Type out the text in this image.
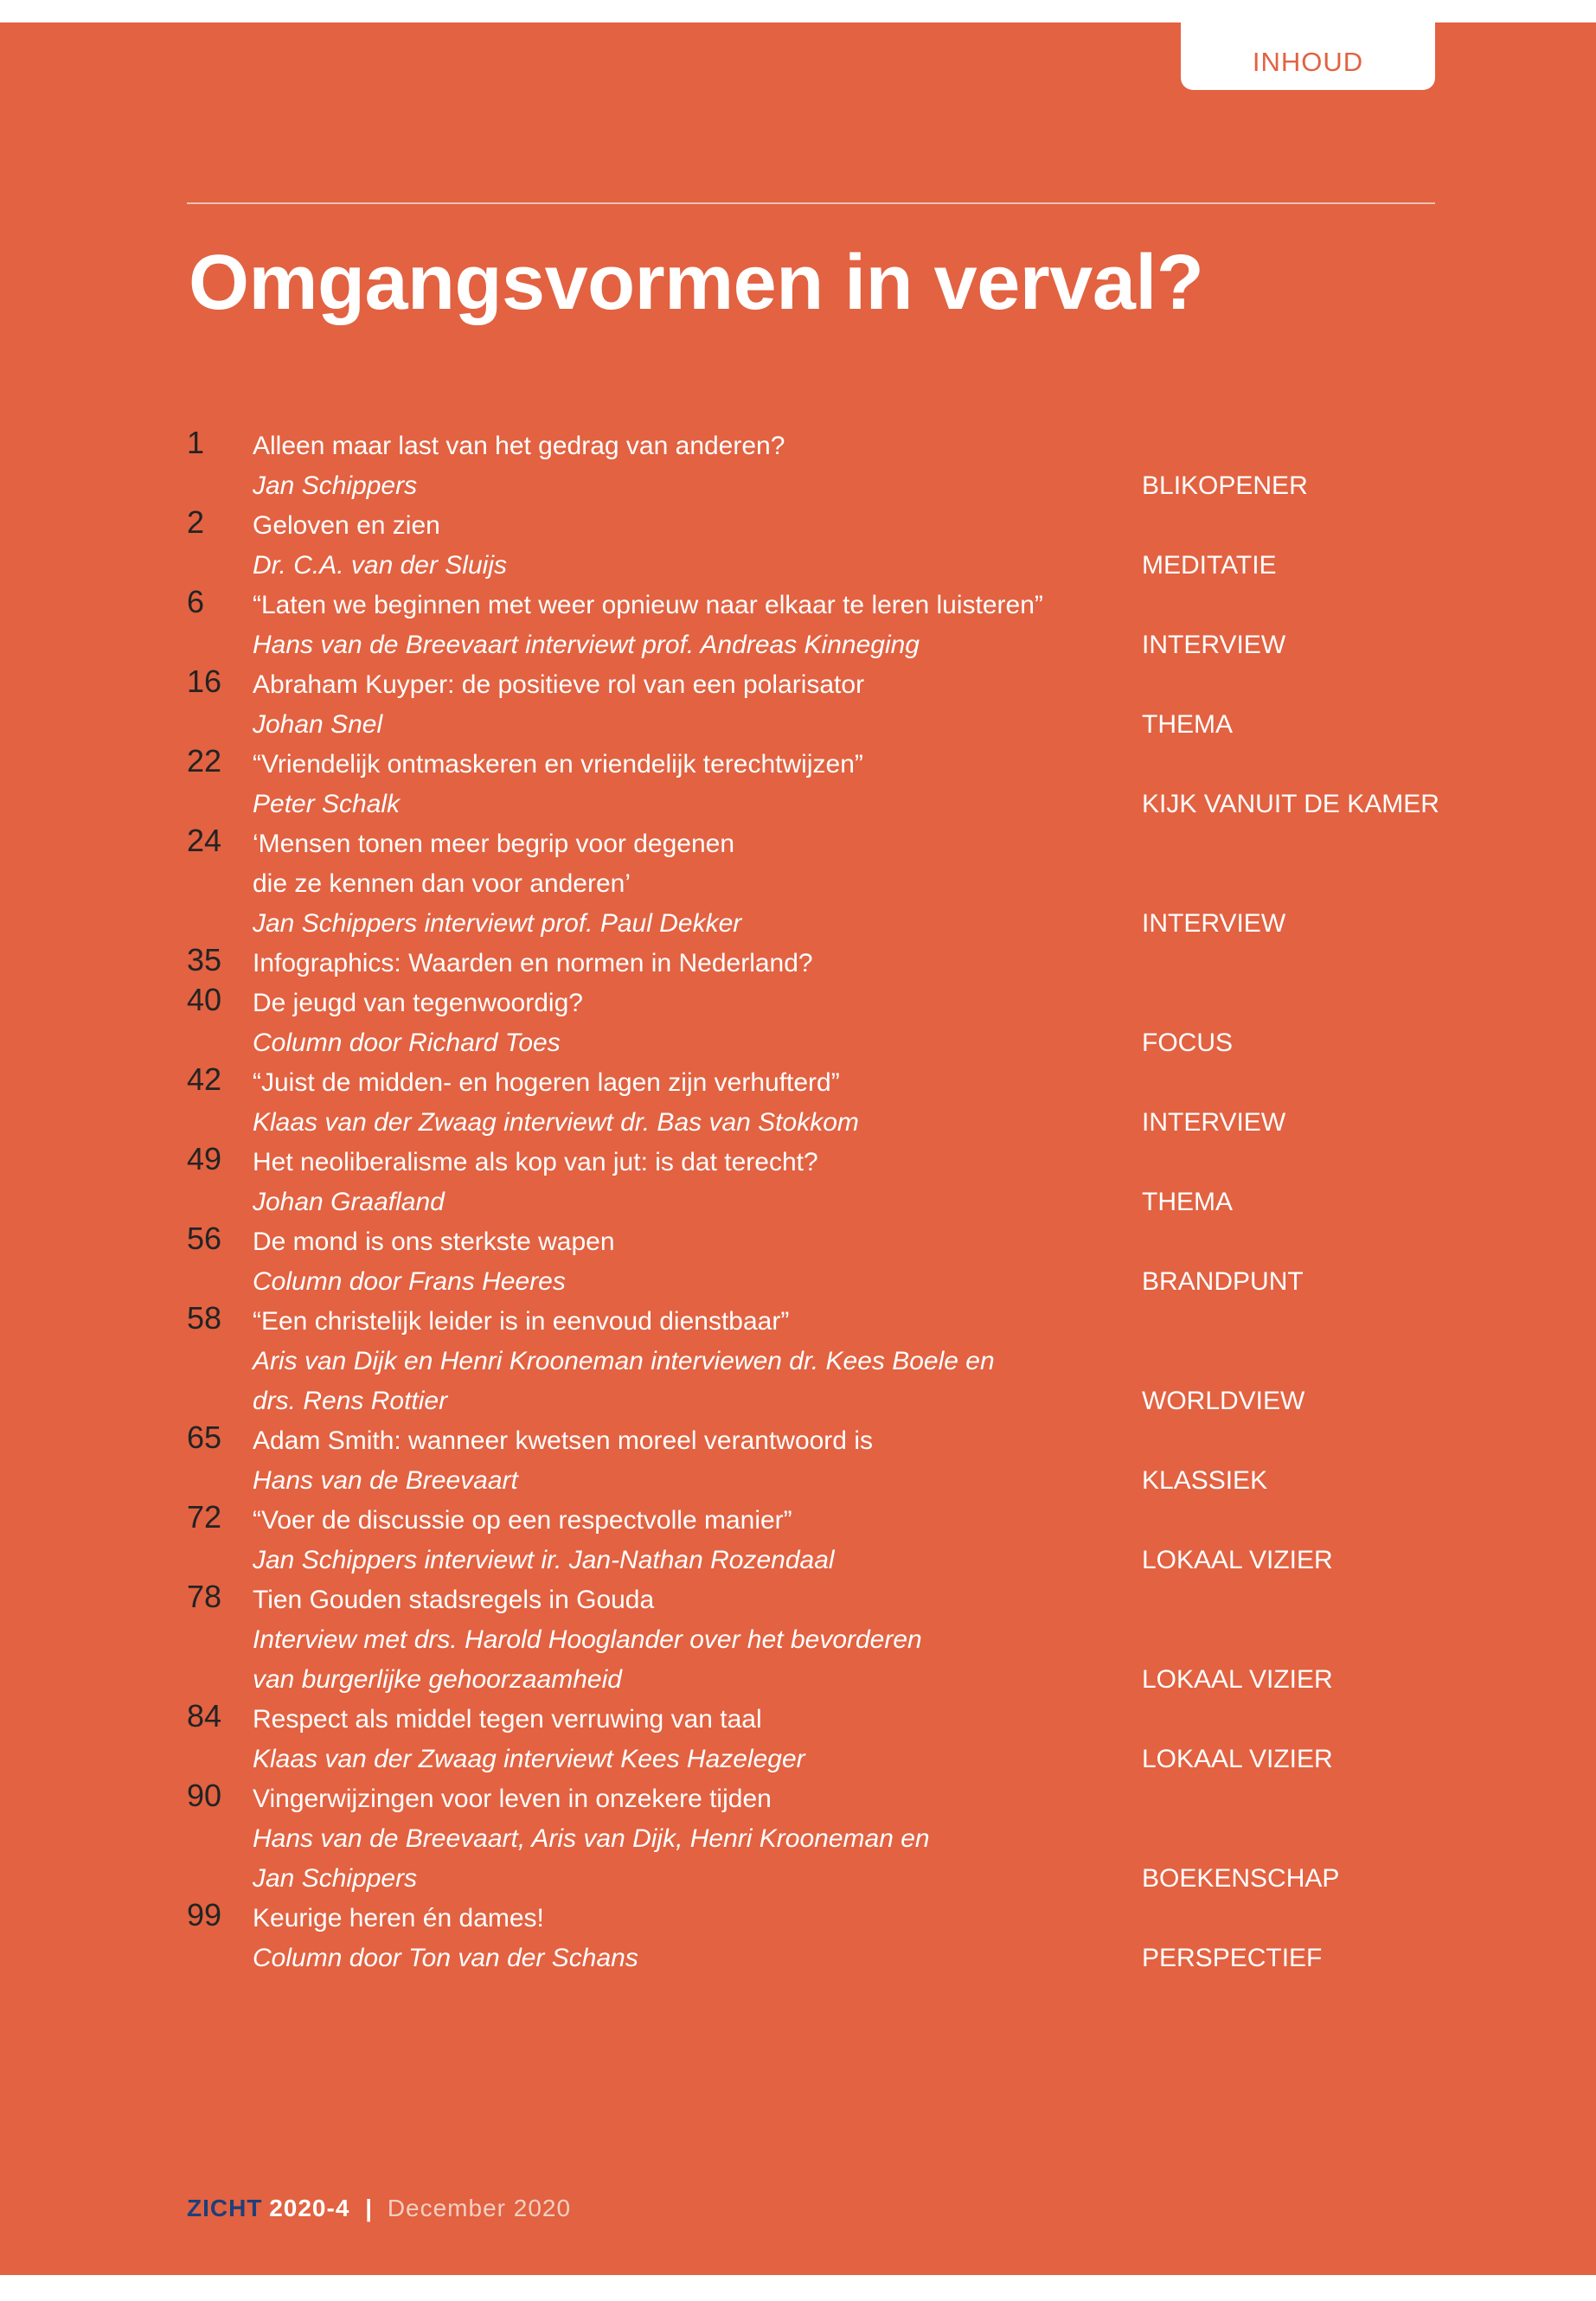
INHOUD
Omgangsvormen in verval?
1 Alleen maar last van het gedrag van anderen?
Jan Schippers	BLIKOPENER
2 Geloven en zien
Dr. C.A. van der Sluijs	MEDITATIE
6 “Laten we beginnen met weer opnieuw naar elkaar te leren luisteren”
Hans van de Breevaart interviewt prof. Andreas Kinneging	INTERVIEW
16 Abraham Kuyper: de positieve rol van een polarisator
Johan Snel	THEMA
22 “Vriendelijk ontmaskeren en vriendelijk terechtwijzen”
Peter Schalk	KIJK VANUIT DE KAMER
24 ‘Mensen tonen meer begrip voor degenen
die ze kennen dan voor anderen’
Jan Schippers interviewt prof. Paul Dekker	INTERVIEW
35 Infographics: Waarden en normen in Nederland?
40 De jeugd van tegenwoordig?
Column door Richard Toes	FOCUS
42 “Juist de midden- en hogeren lagen zijn verhufterd”
Klaas van der Zwaag interviewt dr. Bas van Stokkom	INTERVIEW
49 Het neoliberalisme als kop van jut: is dat terecht?
Johan Graafland	THEMA
56 De mond is ons sterkste wapen
Column door Frans Heeres	BRANDPUNT
58 “Een christelijk leider is in eenvoud dienstbaar”
Aris van Dijk en Henri Krooneman interviewen dr. Kees Boele en
drs. Rens Rottier	WORLDVIEW
65 Adam Smith: wanneer kwetsen moreel verantwoord is
Hans van de Breevaart	KLASSIEK
72 “Voer de discussie op een respectvolle manier”
Jan Schippers interviewt ir. Jan-Nathan Rozendaal	LOKAAL VIZIER
78 Tien Gouden stadsregels in Gouda
Interview met drs. Harold Hooglander over het bevorderen
van burgerlijke gehoorzaamheid	LOKAAL VIZIER
84 Respect als middel tegen verruwing van taal
Klaas van der Zwaag interviewt Kees Hazeleger	LOKAAL VIZIER
90 Vingerwijzingen voor leven in onzekere tijden
Hans van de Breevaart, Aris van Dijk, Henri Krooneman en
Jan Schippers	BOEKENSCHAP
99 Keurige heren én dames!
Column door Ton van der Schans	PERSPECTIEF
ZICHT 2020-4 | December 2020
